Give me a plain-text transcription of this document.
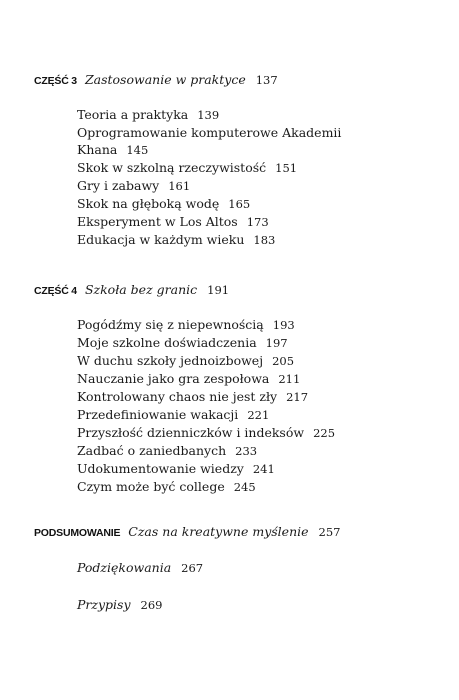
CZĘŚĆ 3 Zastosowanie w praktyce 137
Teoria a praktyka 139
Oprogramowanie komputerowe Akademii
Khana 145
Skok w szkolną rzeczywistość 151
Gry i zabawy 161
Skok na głęboką wodę 165
Eksperyment w Los Altos 173
Edukacja w każdym wieku 183
CZĘŚĆ 4 Szkoła bez granic 191
Pogódźmy się z niepewnością 193
Moje szkolne doświadczenia 197
W duchu szkoły jednoizbowej 205
Nauczanie jako gra zespołowa 211
Kontrolowany chaos nie jest zły 217
Przedefiniowanie wakacji 221
Przyszłość dzienniczków i indeksów 225
Zadbać o zaniedbanych 233
Udokumentowanie wiedzy 241
Czym może być college 245
PODSUMOWANIE Czas na kreatywne myślenie 257
Podziękowania 267
Przypisy 269
